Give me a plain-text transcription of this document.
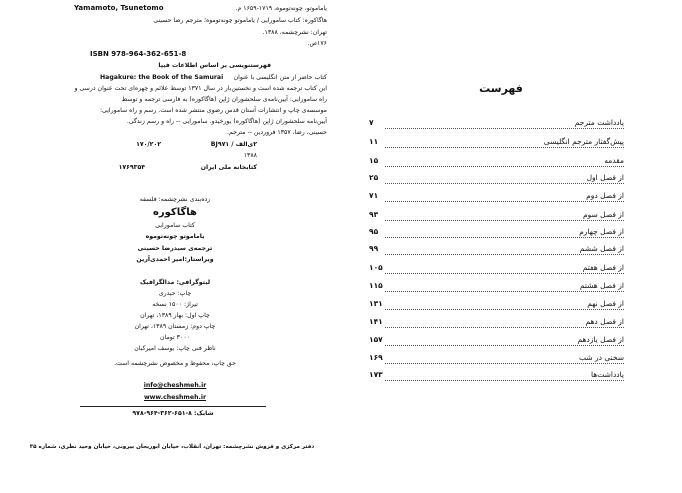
Yamamoto, Tsunetomo	یاماموتو، چونه‌توموه، ۱۷۱۹-۱۶۵۹ م.
هاگاکوره: کتاب سامورایی / یاماموتو چونه‌توموه؛ مترجم رضا حسینی
تهران: نشرچشمه، ۱۳۸۸.
۱۷۶ص.
ISBN 978-964-362-651-8
فهرستنویسی بر اساس اطلاعات فیپا
Hagakure: the Book of the Samurai کتاب حاضر از متن انگلیسی با عنوان
این کتاب ترجمه شده است و نخستین‌بار در سال ۱۳۷۱ توسط علائم و چهره‌ای تحت عنوان درسی و
راه سامورایی: آیین‌نامه‌ی سلحشوران ژاپن (هاگاکوره) به فارسی ترجمه و توسط
موسسه‌ی چاپ و انتشارات آستان قدس رضوی منتشر شده است. رسم و راه سامورایی:
آیین‌نامه سلحشوران ژاپن (هاگاکوره) یورخیدو. سامورایی -- راه و رسم زندگی.
حسینی، رضا، ۱۳۵۷ فروردین -- مترجم.
۲ی‌الف / BJ۹۷۱
۱۷۰/۲۰۲
۱۳۸۸
کتابخانه ملی ایران
۱۷۶۹۳۵۴
رده‌بندی نشرچشمه: فلسفه
هاگاکوره
کتاب سامورایی
یاماموتو چونه‌توموه
ترجمه‌ی سیدرضا حسینی
ویراستار:امیر احمدی‌آرین
لیتوگرافی: مدالگرافیک
چاپ: حیدری
تیراژ: ۱۵۰۰ نسخه
چاپ اول: بهار ۱۳۸۹، تهران
چاپ دوم: زمستان ۱۳۸۹، تهران
۳۰۰۰ تومان
ناظر فنی چاپ: یوسف امیرکیان
حق چاپ، محفوظ و مخصوص نشرچشمه است.
info@cheshmeh.ir
www.cheshmeh.ir
شابک: ۸-۶۵۱-۳۶۲-۹۶۴-۹۷۸
دفتر مرکزی و فروش نشرچشمه: تهران، انقلاب، خیابان ابوریحان بیرونی، خیابان وحید نظری، شماره ۳۵
فهرست
یادداشت مترجم
۷
پیش‌گفتار مترجم انگلیسی
۱۱
مقدمه
۱۵
از فصل اول
۲۵
از فصل دوم
۷۱
از فصل سوم
۹۳
از فصل چهارم
۹۵
از فصل ششم
۹۹
از فصل هفتم
۱۰۵
از فصل هشتم
۱۱۵
از فصل نهم
۱۳۱
از فصل دهم
۱۴۱
از فصل یازدهم
۱۵۷
سخنی در شب
۱۶۹
یادداشت‌ها
۱۷۳
